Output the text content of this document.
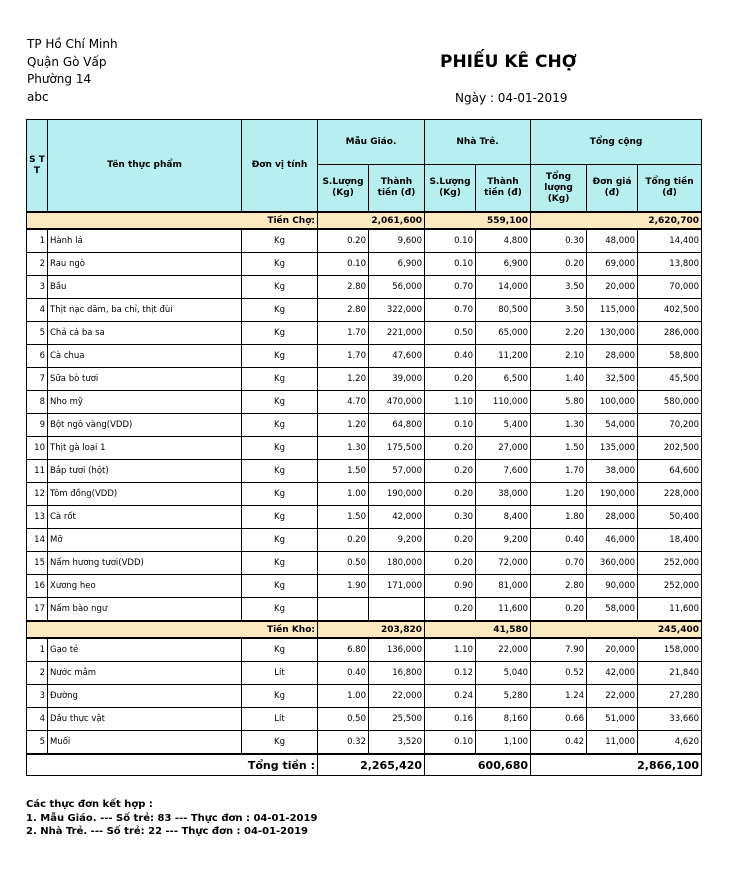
TP Hồ Chí Minh
Quận Gò Vấp
Phường 14
abc
PHIẾU KÊ CHỢ
Ngày : 04-01-2019
S T T	Tên thực phẩm	Đơn vị tính	Mẫu Giáo.		Nhà Trẻ.		Tổng cộng		
			S.Lượng (Kg)	Thành tiền (đ)	S.Lượng (Kg)	Thành tiền (đ)	Tổng lượng (Kg)	Đơn giá (đ)	Tổng tiền (đ)
Tiền Chợ:			2,061,600		559,100		2,620,700		
1	Hành lá	Kg	0.20	9,600	0.10	4,800	0.30	48,000	14,400
2	Rau ngò	Kg	0.10	6,900	0.10	6,900	0.20	69,000	13,800
3	Bầu	Kg	2.80	56,000	0.70	14,000	3.50	20,000	70,000
4	Thịt nạc dăm, ba chỉ, thịt đùi	Kg	2.80	322,000	0.70	80,500	3.50	115,000	402,500
5	Chả cá ba sa	Kg	1.70	221,000	0.50	65,000	2.20	130,000	286,000
6	Cà chua	Kg	1.70	47,600	0.40	11,200	2.10	28,000	58,800
7	Sữa bò tươi	Kg	1.20	39,000	0.20	6,500	1.40	32,500	45,500
8	Nho mỹ	Kg	4.70	470,000	1.10	110,000	5.80	100,000	580,000
9	Bột ngô vàng(VDD)	Kg	1.20	64,800	0.10	5,400	1.30	54,000	70,200
10	Thịt gà loại 1	Kg	1.30	175,500	0.20	27,000	1.50	135,000	202,500
11	Bắp tươi (hột)	Kg	1.50	57,000	0.20	7,600	1.70	38,000	64,600
12	Tôm đồng(VDD)	Kg	1.00	190,000	0.20	38,000	1.20	190,000	228,000
13	Cà rốt	Kg	1.50	42,000	0.30	8,400	1.80	28,000	50,400
14	Mỡ	Kg	0.20	9,200	0.20	9,200	0.40	46,000	18,400
15	Nấm hương tươi(VDD)	Kg	0.50	180,000	0.20	72,000	0.70	360,000	252,000
16	Xương heo	Kg	1.90	171,000	0.90	81,000	2.80	90,000	252,000
17	Nấm bào ngư	Kg			0.20	11,600	0.20	58,000	11,600
Tiền Kho:			203,820		41,580		245,400		
1	Gạo tẻ	Kg	6.80	136,000	1.10	22,000	7.90	20,000	158,000
2	Nước mắm	Lít	0.40	16,800	0.12	5,040	0.52	42,000	21,840
3	Đường	Kg	1.00	22,000	0.24	5,280	1.24	22,000	27,280
4	Dầu thực vật	Lít	0.50	25,500	0.16	8,160	0.66	51,000	33,660
5	Muối	Kg	0.32	3,520	0.10	1,100	0.42	11,000	4,620
Tổng tiền :			2,265,420		600,680		2,866,100		
Các thực đơn kết hợp :
1. Mẫu Giáo. --- Số trẻ: 83 --- Thực đơn : 04-01-2019
2. Nhà Trẻ. --- Số trẻ: 22 --- Thực đơn : 04-01-2019
